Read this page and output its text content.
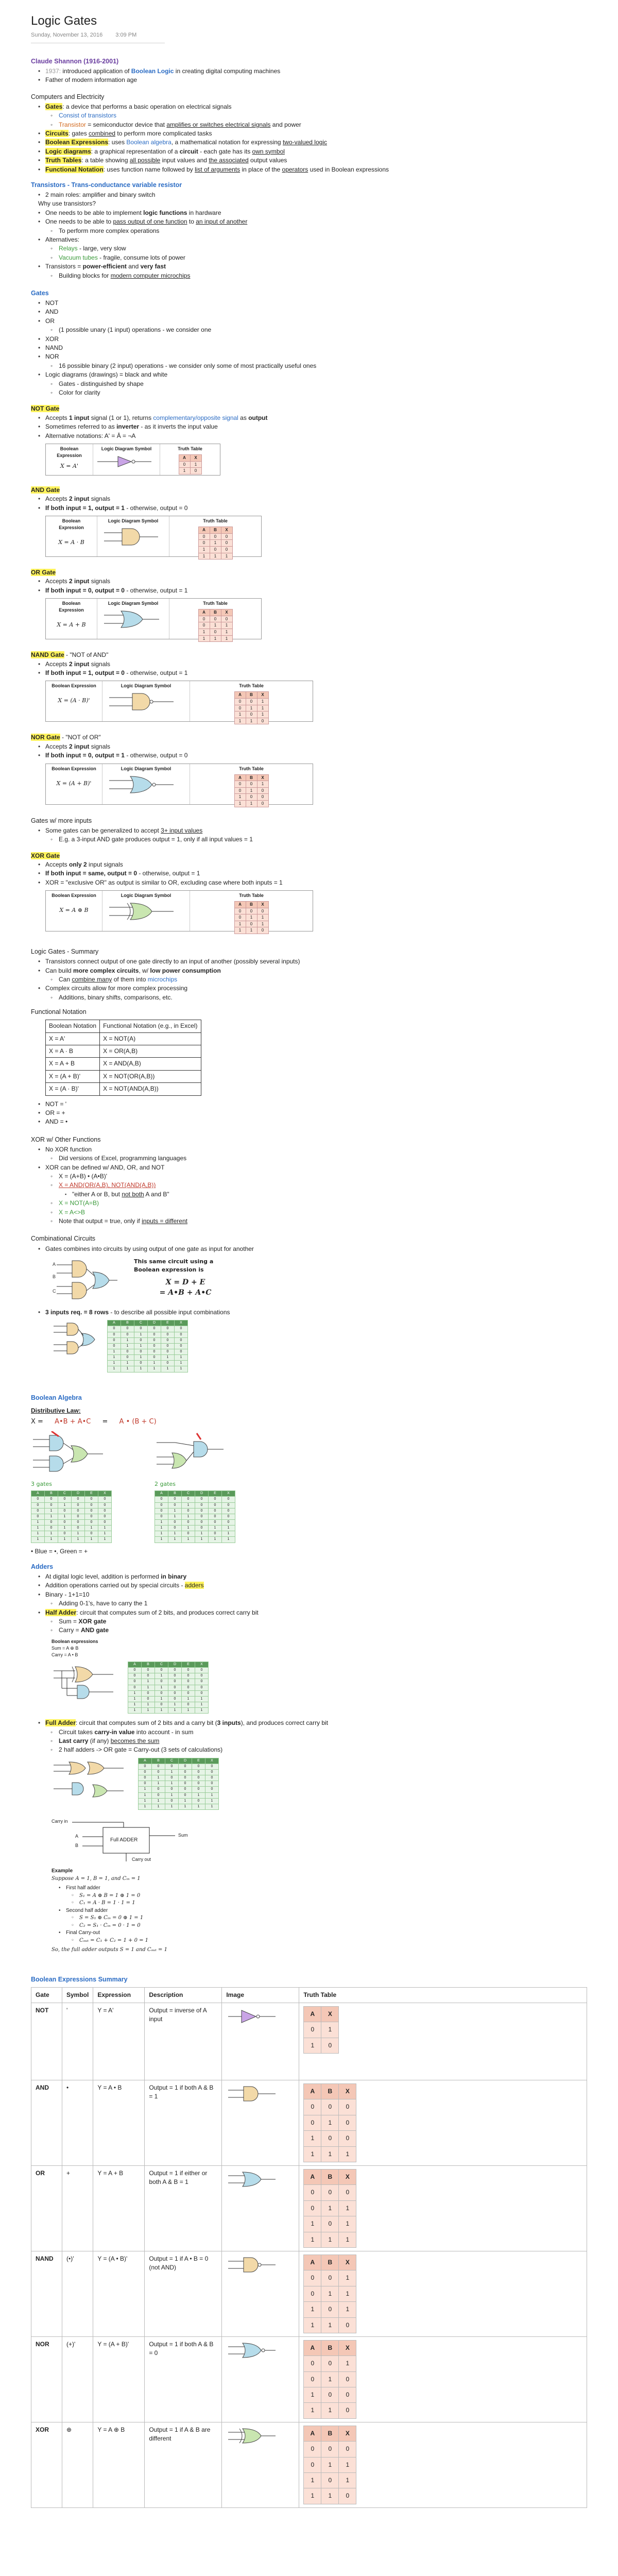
Logic Gates
Sunday, November 13, 2016 3:09 PM
Claude Shannon (1916-2001)
• 1937: introduced application of Boolean Logic in creating digital computing machines
• Father of modern information age
Computers and Electricity
• Gates: a device that performs a basic operation on electrical signals
◦ Consist of transistors
◦ Transistor = semiconductor device that amplifies or switches electrical signals and power
• Circuits: gates combined to perform more complicated tasks
• Boolean Expressions: uses Boolean algebra, a mathematical notation for expressing two-valued logic
• Logic diagrams: a graphical representation of a circuit - each gate has its own symbol
• Truth Tables: a table showing all possible input values and the associated output values
• Functional Notation: uses function name followed by list of arguments in place of the operators used in Boolean expressions
Transistors - Trans-conductance variable resistor
• 2 main roles: amplifier and binary switch
Why use transistors?
• One needs to be able to implement logic functions in hardware
• One needs to be able to pass output of one function to an input of another
◦ To perform more complex operations
• Alternatives:
◦ Relays - large, very slow
◦ Vacuum tubes - fragile, consume lots of power
• Transistors = power-efficient and very fast
◦ Building blocks for modern computer microchips
Gates
• NOT
• AND
• OR
◦ (1 possible unary (1 input) operations - we consider one
• XOR
• NAND
• NOR
◦ 16 possible binary (2 input) operations - we consider only some of most practically useful ones
• Logic diagrams (drawings) = black and white
◦ Gates - distinguished by shape
◦ Color for clarity
NOT Gate
• Accepts 1 input signal (1 or 1), returns complementary/opposite signal as output
• Sometimes referred to as inverter - as it inverts the input value
• Alternative notations: A' = Ā = ¬A
Boolean Expression
X = A'
Logic Diagram Symbol	Truth Table
A	X
0	1
1	0
AND Gate
• Accepts 2 input signals
• If both input = 1, output = 1 - otherwise, output = 0
Boolean Expression
X = A · B
Logic Diagram Symbol	Truth Table
A	B	X
0	0	0
0	1	0
1	0	0
1	1	1
OR Gate
• Accepts 2 input signals
• If both input = 0, output = 0 - otherwise, output = 1
Boolean Expression
X = A + B
Logic Diagram Symbol	Truth Table
A	B	X
0	0	0
0	1	1
1	0	1
1	1	1
NAND Gate - "NOT of AND"
• Accepts 2 input signals
• If both input = 1, output = 0 - otherwise, output = 1
Boolean Expression
X = (A · B)'
Logic Diagram Symbol	Truth Table
A	B	X
0	0	1
0	1	1
1	0	1
1	1	0
NOR Gate - "NOT of OR"
• Accepts 2 input signals
• If both input = 0, output = 1 - otherwise, output = 0
Boolean Expression
X = (A + B)'
Logic Diagram Symbol	Truth Table
A	B	X
0	0	1
0	1	0
1	0	0
1	1	0
Gates w/ more inputs
• Some gates can be generalized to accept 3+ input values
◦ E.g. a 3-input AND gate produces output = 1, only if all input values = 1
XOR Gate
• Accepts only 2 input signals
• If both input = same, output = 0 - otherwise, output = 1
• XOR = "exclusive OR" as output is similar to OR, excluding case where both inputs = 1
Boolean Expression
X = A ⊕ B
Logic Diagram Symbol	Truth Table
A	B	X
0	0	0
0	1	1
1	0	1
1	1	0
Logic Gates - Summary
• Transistors connect output of one gate directly to an input of another (possibly several inputs)
• Can build more complex circuits, w/ low power consumption
◦ Can combine many of them into microchips
• Complex circuits allow for more complex processing
◦ Additions, binary shifts, comparisons, etc.
Functional Notation
Boolean Notation	Functional Notation (e.g., in Excel)
X = A'	X = NOT(A)
X = A · B	X = OR(A,B)
X = A + B	X = AND(A,B)
X = (A + B)'	X = NOT(OR(A,B))
X = (A · B)'	X = NOT(AND(A,B))
• NOT = '
• OR = +
• AND = •
XOR w/ Other Functions
• No XOR function
◦ Did versions of Excel, programming languages
• XOR can be defined w/ AND, OR, and NOT
◦ X = (A+B) • (A•B)'
◦ X = AND(OR(A,B), NOT(AND(A,B))
▪ "either A or B, but not both A and B"
◦ X = NOT(A=B)
◦ X = A<>B
◦ Note that output = true, only if inputs = different
Combinational Circuits
• Gates combines into circuits by using output of one gate as input for another
A
B
C
This same circuit using a
Boolean expression is
X = D + E
= A•B + A•C
• 3 inputs req. = 8 rows - to describe all possible input combinations
A	B	C	D	E	X
0	0	0	0	0	0
0	0	1	0	0	0
0	1	0	0	0	0
0	1	1	0	0	0
1	0	0	0	0	0
1	0	1	0	1	1
1	1	0	1	0	1
1	1	1	1	1	1
Boolean Algebra
Distributive Law:
X = A•B + A•C = A • (B + C)
3 gates
A	B	C	D	E	X
0	0	0	0	0	0
0	0	1	0	0	0
0	1	0	0	0	0
0	1	1	0	0	0
1	0	0	0	0	0
1	0	1	0	1	1
1	1	0	1	0	1
1	1	1	1	1	1
2 gates
A	B	C	D	E	X
0	0	0	0	0	0
0	0	1	0	0	0
0	1	0	0	0	0
0	1	1	0	0	0
1	0	0	0	0	0
1	0	1	0	1	1
1	1	0	1	0	1
1	1	1	1	1	1
• Blue = •, Green = +
Adders
• At digital logic level, addition is performed in binary
• Addition operations carried out by special circuits - adders
• Binary - 1+1=10
◦ Adding 0-1's, have to carry the 1
• Half Adder: circuit that computes sum of 2 bits, and produces correct carry bit
◦ Sum = XOR gate
◦ Carry = AND gate
Boolean expressions
Sum = A ⊕ B
Carry = A • B
A	B	C	D	E	X
0	0	0	0	0	0
0	0	1	0	0	0
0	1	0	0	0	0
0	1	1	0	0	0
1	0	0	0	0	0
1	0	1	0	1	1
1	1	0	1	0	1
1	1	1	1	1	1
• Full Adder: circuit that computes sum of 2 bits and a carry bit (3 inputs), and produces correct carry bit
◦ Circuit takes carry-in value into account - in sum
◦ Last carry (if any) becomes the sum
◦ 2 half adders -> OR gate = Carry-out (3 sets of calculations)
A	B	C	D	E	X
0	0	0	0	0	0
0	0	1	0	0	0
0	1	0	0	0	0
0	1	1	0	0	0
1	0	0	0	0	0
1	0	1	0	1	1
1	1	0	1	0	1
1	1	1	1	1	1
Full ADDER
Carry in
A
B
Sum
Carry out
Example
Suppose A = 1, B = 1, and Cᵢₙ = 1
• First half adder
◦ S₁ = A ⊕ B = 1 ⊕ 1 = 0
◦ C₁ = A · B = 1 · 1 = 1
• Second half adder
◦ S = S₁ ⊕ Cᵢₙ = 0 ⊕ 1 = 1
◦ C₂ = S₁ · Cᵢₙ = 0 · 1 = 0
• Final Carry-out
◦ Cₒᵤₜ = C₁ + C₂ = 1 + 0 = 1
So, the full adder outputs S = 1 and Cₒᵤₜ = 1
Boolean Expressions Summary
Gate	Symbol	Expression	Description	Image	Truth Table
NOT	'	Y = A'	Output = inverse of A input		
A	X
0	1
1	0

AND	•	Y = A • B	Output = 1 if both A & B = 1		
A	B	X
0	0	0
0	1	0
1	0	0
1	1	1

OR	+	Y = A + B	Output = 1 if either or both A & B = 1		
A	B	X
0	0	0
0	1	1
1	0	1
1	1	1

NAND	(•)'	Y = (A • B)'	Output = 1 if A • B = 0 (not AND)		
A	B	X
0	0	1
0	1	1
1	0	1
1	1	0

NOR	(+)'	Y = (A + B)'	Output = 1 if both A & B = 0		
A	B	X
0	0	1
0	1	0
1	0	0
1	1	0

XOR	⊕	Y = A ⊕ B	Output = 1 if A & B are different		
A	B	X
0	0	0
0	1	1
1	0	1
1	1	0
